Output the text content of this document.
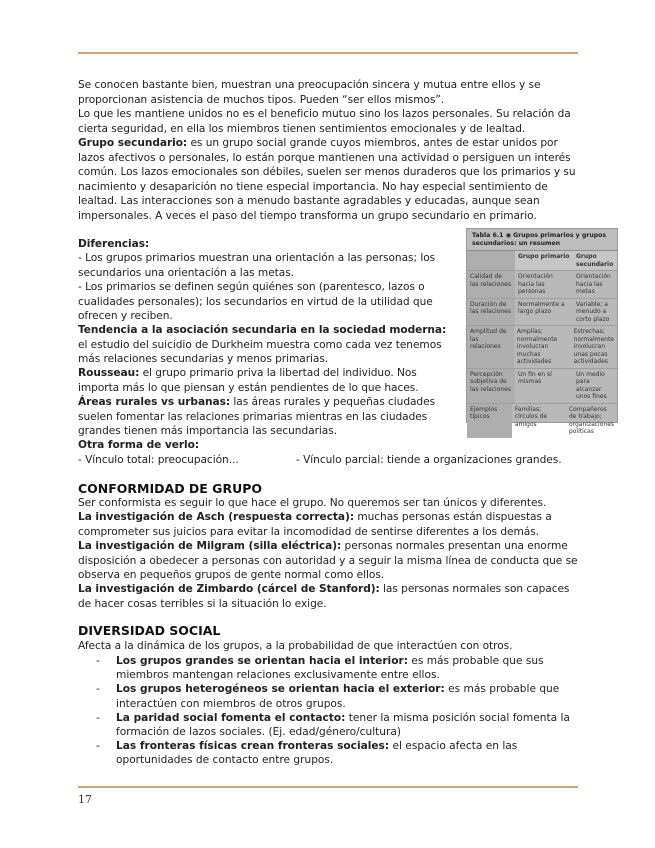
Se conocen bastante bien, muestran una preocupación sincera y mutua entre ellos y se proporcionan asistencia de muchos tipos. Pueden “ser ellos mismos”.

Lo que les mantiene unidos no es el beneficio mutuo sino los lazos personales. Su relación da cierta seguridad, en ella los miembros tienen sentimientos emocionales y de lealtad.

Grupo secundario: es un grupo social grande cuyos miembros, antes de estar unidos por lazos afectivos o personales, lo están porque mantienen una actividad o persiguen un interés común. Los lazos emocionales son débiles, suelen ser menos duraderos que los primarios y su nacimiento y desaparición no tiene especial importancia. No hay especial sentimiento de lealtad. Las interacciones son a menudo bastante agradables y educadas, aunque sean impersonales. A veces el paso del tiempo transforma un grupo secundario en primario.

Diferencias:

- Los grupos primarios muestran una orientación a las personas; los secundarios una orientación a las metas.

- Los primarios se definen según quiénes son (parentesco, lazos o cualidades personales); los secundarios en virtud de la utilidad que ofrecen y reciben.

Tendencia a la asociación secundaria en la sociedad moderna: el estudio del suicidio de Durkheim muestra como cada vez tenemos más relaciones secundarias y menos primarias.

Rousseau: el grupo primario priva la libertad del individuo. Nos importa más lo que piensan y están pendientes de lo que haces.

Áreas rurales vs urbanas: las áreas rurales y pequeñas ciudades suelen fomentar las relaciones primarias mientras en las ciudades grandes tienen más importancia las secundarias.

Otra forma de verlo:

- Vínculo total: preocupación...	- Vínculo parcial: tiende a organizaciones grandes.

Tabla 6.1 ◉ Grupos primarios y grupos secundarios: un resumen
Grupo primario	Grupo secundario
Calidad de las relaciones
Orientación hacia las personas
Orientación hacia las metas
Duración de las relaciones
Normalmente a largo plazo
Variable; a menudo a corto plazo
Amplitud de las relaciones
Amplias; normalmente involucran muchas actividades
Estrechas; normalmente involucran unas pocas actividades
Percepción subjetiva de las relaciones
Un fin en sí mismas
Un medio para alcanzar unos fines
Ejemplos típicos
Familias; círculos de amigos
Compañeros de trabajo; organizaciones políticas
CONFORMIDAD DE GRUPO

Ser conformista es seguir lo que hace el grupo. No queremos ser tan únicos y diferentes.

La investigación de Asch (respuesta correcta): muchas personas están dispuestas a comprometer sus juicios para evitar la incomodidad de sentirse diferentes a los demás.

La investigación de Milgram (silla eléctrica): personas normales presentan una enorme disposición a obedecer a personas con autoridad y a seguir la misma línea de conducta que se observa en pequeños grupos de gente normal como ellos.

La investigación de Zimbardo (cárcel de Stanford): las personas normales son capaces de hacer cosas terribles si la situación lo exige.

DIVERSIDAD SOCIAL

Afecta a la dinámica de los grupos, a la probabilidad de que interactúen con otros.

- Los grupos grandes se orientan hacia el interior: es más probable que sus miembros mantengan relaciones exclusivamente entre ellos.
- Los grupos heterogéneos se orientan hacia el exterior: es más probable que interactúen con miembros de otros grupos.
- La paridad social fomenta el contacto: tener la misma posición social fomenta la formación de lazos sociales. (Ej. edad/género/cultura)
- Las fronteras físicas crean fronteras sociales: el espacio afecta en las oportunidades de contacto entre grupos.
17
